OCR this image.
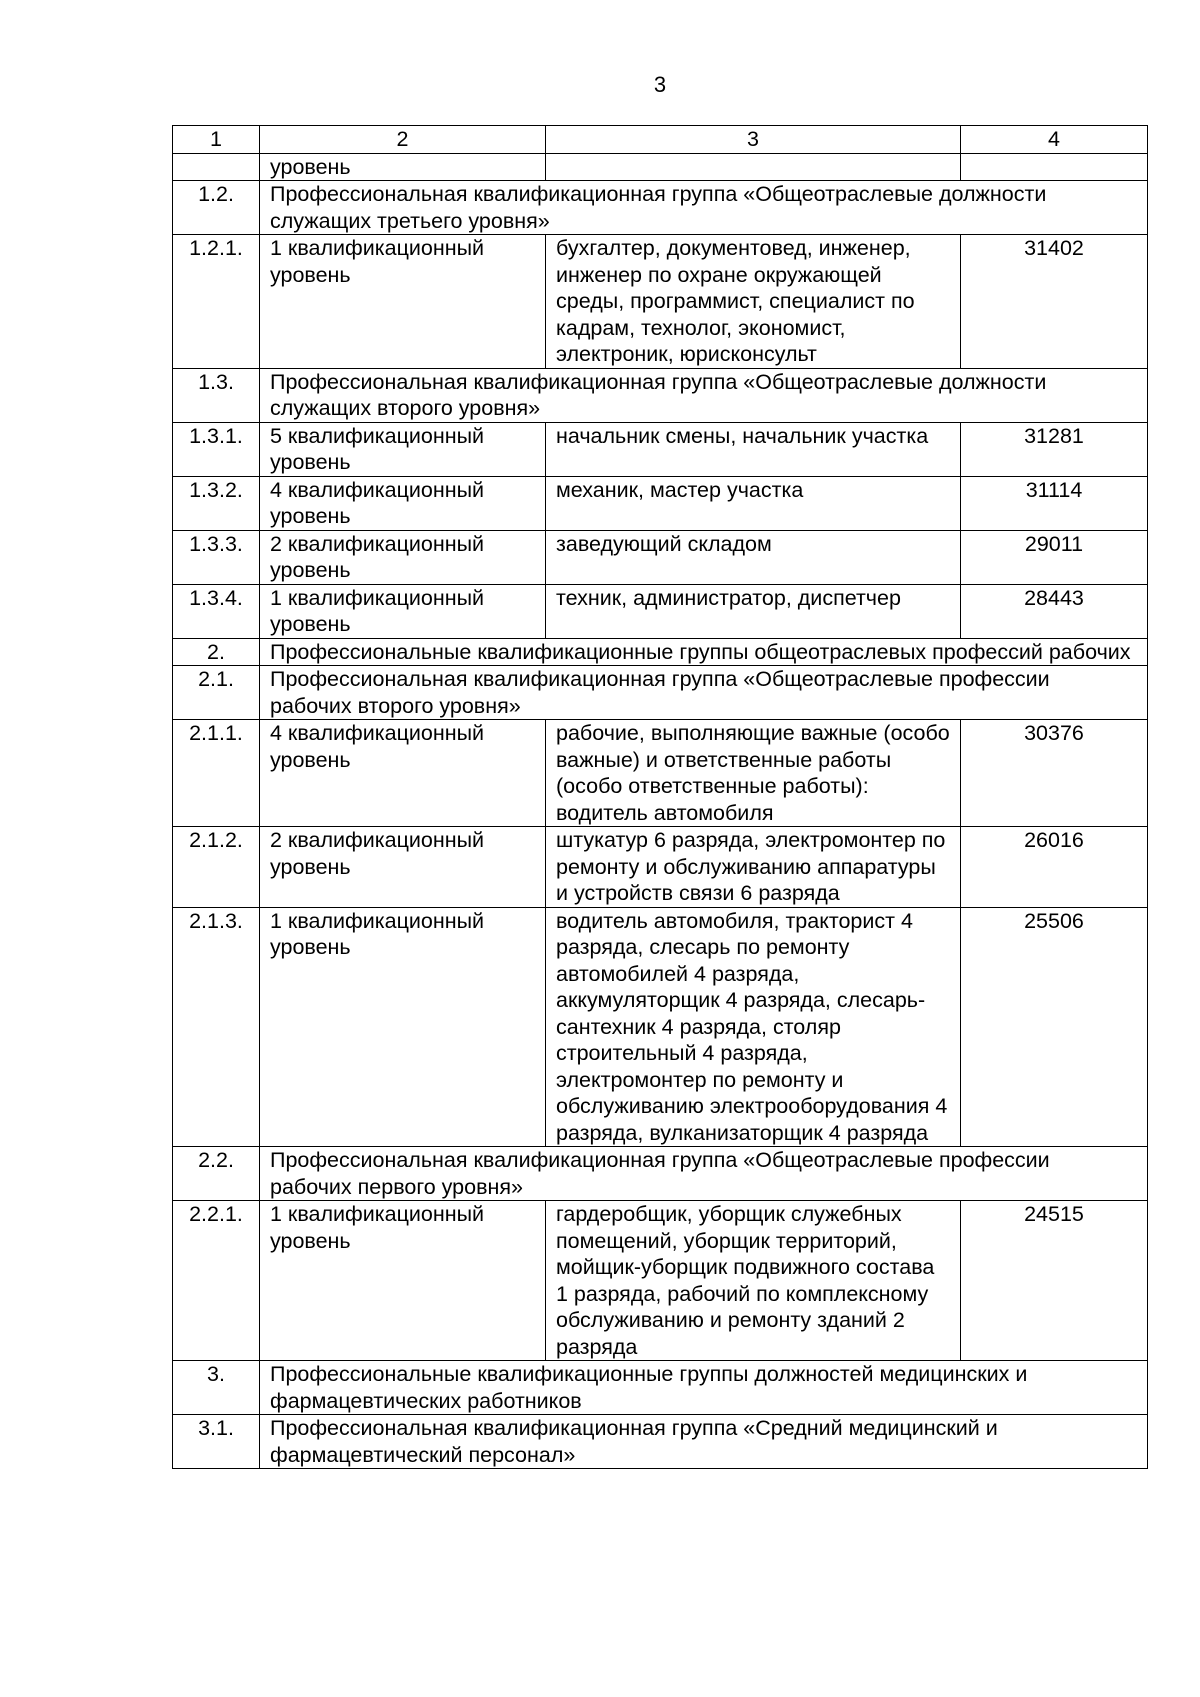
3
1	2	3	4
	уровень		
1.2.	Профессиональная квалификационная группа «Общеотраслевые должности служащих третьего уровня»		
1.2.1.	1 квалификационный уровень	бухгалтер, документовед, инженер, инженер по охране окружающей среды, программист, специалист по кадрам, технолог, экономист, электроник, юрисконсульт	31402
1.3.	Профессиональная квалификационная группа «Общеотраслевые должности служащих второго уровня»		
1.3.1.	5 квалификационный уровень	начальник смены, начальник участка	31281
1.3.2.	4 квалификационный уровень	механик, мастер участка	31114
1.3.3.	2 квалификационный уровень	заведующий складом	29011
1.3.4.	1 квалификационный уровень	техник, администратор, диспетчер	28443
2.	Профессиональные квалификационные группы общеотраслевых профессий рабочих		
2.1.	Профессиональная квалификационная группа «Общеотраслевые профессии рабочих второго уровня»		
2.1.1.	4 квалификационный уровень	рабочие, выполняющие важные (особо важные) и ответственные работы (особо ответственные работы): водитель автомобиля	30376
2.1.2.	2 квалификационный уровень	штукатур 6 разряда, электромонтер по ремонту и обслуживанию аппаратуры и устройств связи 6 разряда	26016
2.1.3.	1 квалификационный уровень	водитель автомобиля, тракторист 4 разряда, слесарь по ремонту автомобилей 4 разряда, аккумуляторщик 4 разряда, слесарь-сантехник 4 разряда, столяр строительный 4 разряда, электромонтер по ремонту и обслуживанию электрооборудования 4 разряда, вулканизаторщик 4 разряда	25506
2.2.	Профессиональная квалификационная группа «Общеотраслевые профессии рабочих первого уровня»		
2.2.1.	1 квалификационный уровень	гардеробщик, уборщик служебных помещений, уборщик территорий, мойщик-уборщик подвижного состава 1 разряда, рабочий по комплексному обслуживанию и ремонту зданий 2 разряда	24515
3.	Профессиональные квалификационные группы должностей медицинских и фармацевтических работников		
3.1.	Профессиональная квалификационная группа «Средний медицинский и фармацевтический персонал»		
